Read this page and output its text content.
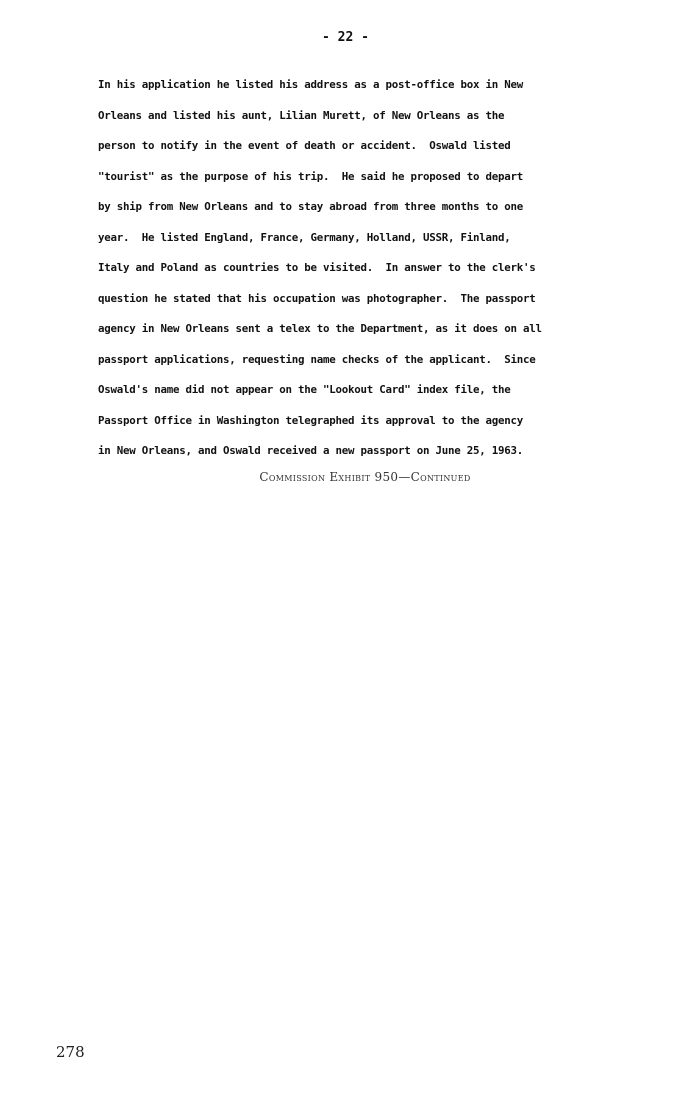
- 22 -
In his application he listed his address as a post-office box in New
Orleans and listed his aunt, Lilian Murett, of New Orleans as the
person to notify in the event of death or accident.  Oswald listed
"tourist" as the purpose of his trip.  He said he proposed to depart
by ship from New Orleans and to stay abroad from three months to one
year.  He listed England, France, Germany, Holland, USSR, Finland,
Italy and Poland as countries to be visited.  In answer to the clerk's
question he stated that his occupation was photographer.  The passport
agency in New Orleans sent a telex to the Department, as it does on all
passport applications, requesting name checks of the applicant.  Since
Oswald's name did not appear on the "Lookout Card" index file, the
Passport Office in Washington telegraphed its approval to the agency
in New Orleans, and Oswald received a new passport on June 25, 1963.
Commission Exhibit 950—Continued
278
